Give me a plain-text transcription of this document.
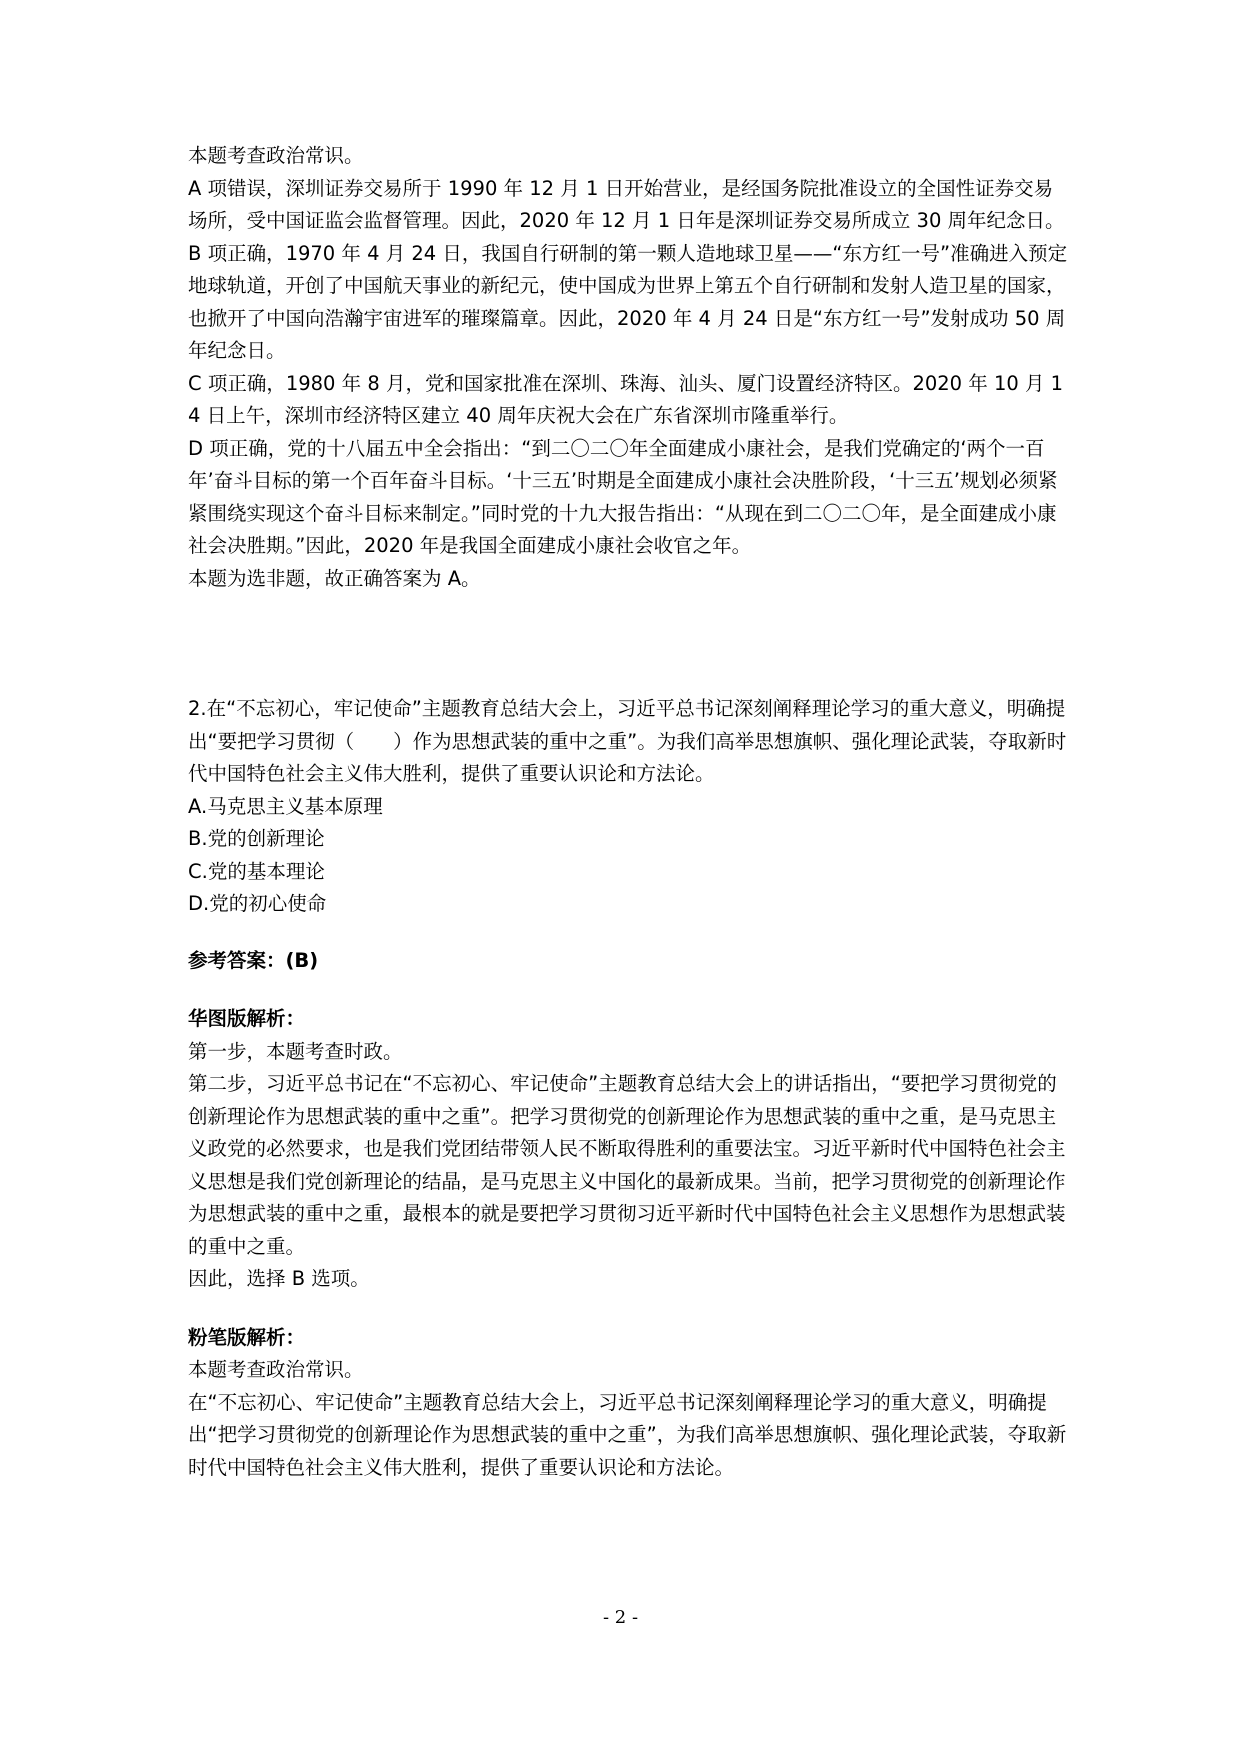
本题考查政治常识。

A 项错误，深圳证券交易所于 1990 年 12 月 1 日开始营业，是经国务院批准设立的全国性证券交易场所，受中国证监会监督管理。因此，2020 年 12 月 1 日年是深圳证券交易所成立 30 周年纪念日。

B 项正确，1970 年 4 月 24 日，我国自行研制的第一颗人造地球卫星——“东方红一号”准确进入预定地球轨道，开创了中国航天事业的新纪元，使中国成为世界上第五个自行研制和发射人造卫星的国家，也掀开了中国向浩瀚宇宙进军的璀璨篇章。因此，2020 年 4 月 24 日是“东方红一号”发射成功 50 周年纪念日。

C 项正确，1980 年 8 月，党和国家批准在深圳、珠海、汕头、厦门设置经济特区。2020 年 10 月 14 日上午，深圳市经济特区建立 40 周年庆祝大会在广东省深圳市隆重举行。

D 项正确，党的十八届五中全会指出：“到二〇二〇年全面建成小康社会，是我们党确定的‘两个一百年’奋斗目标的第一个百年奋斗目标。‘十三五’时期是全面建成小康社会决胜阶段，‘十三五’规划必须紧紧围绕实现这个奋斗目标来制定。”同时党的十九大报告指出：“从现在到二〇二〇年，是全面建成小康社会决胜期。”因此，2020 年是我国全面建成小康社会收官之年。

本题为选非题，故正确答案为 A。

2.在“不忘初心，牢记使命”主题教育总结大会上，习近平总书记深刻阐释理论学习的重大意义，明确提出“要把学习贯彻（　　）作为思想武装的重中之重”。为我们高举思想旗帜、强化理论武装，夺取新时代中国特色社会主义伟大胜利，提供了重要认识论和方法论。

A.马克思主义基本原理

B.党的创新理论

C.党的基本理论

D.党的初心使命

参考答案：(B)

华图版解析：

第一步，本题考查时政。

第二步，习近平总书记在“不忘初心、牢记使命”主题教育总结大会上的讲话指出，“要把学习贯彻党的创新理论作为思想武装的重中之重”。把学习贯彻党的创新理论作为思想武装的重中之重，是马克思主义政党的必然要求，也是我们党团结带领人民不断取得胜利的重要法宝。习近平新时代中国特色社会主义思想是我们党创新理论的结晶，是马克思主义中国化的最新成果。当前，把学习贯彻党的创新理论作为思想武装的重中之重，最根本的就是要把学习贯彻习近平新时代中国特色社会主义思想作为思想武装的重中之重。

因此，选择 B 选项。

粉笔版解析：

本题考查政治常识。

在“不忘初心、牢记使命”主题教育总结大会上，习近平总书记深刻阐释理论学习的重大意义，明确提出“把学习贯彻党的创新理论作为思想武装的重中之重”，为我们高举思想旗帜、强化理论武装，夺取新时代中国特色社会主义伟大胜利，提供了重要认识论和方法论。

- 2 -
